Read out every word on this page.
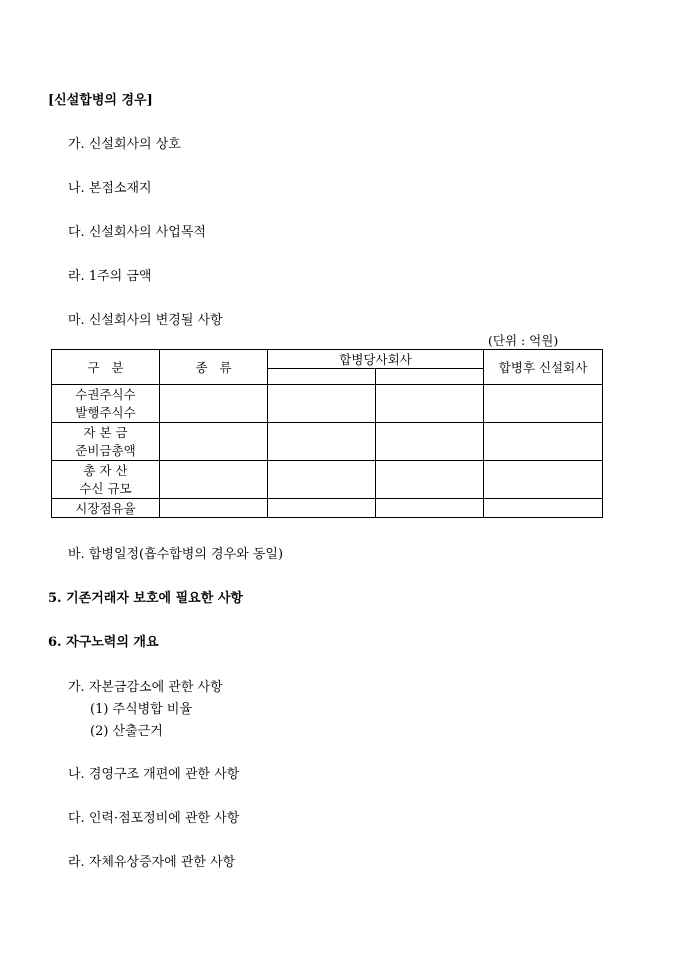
[신설합병의 경우]
가. 신설회사의 상호
나. 본점소재지
다. 신설회사의 사업목적
라. 1주의 금액
마. 신설회사의 변경될 사항
(단위 : 억원)
구   분	종   류	합병당사회사		합병후 신설회사

수권주식수
발행주식수				

자 본 금
준비금총액				

총 자 산
수신 규모				

시장점유율				
바. 합병일정(흡수합병의 경우와 동일)
5. 기존거래자 보호에 필요한 사항
6. 자구노력의 개요
가. 자본금감소에 관한 사항
(1) 주식병합 비율
(2) 산출근거
나. 경영구조 개편에 관한 사항
다. 인력·점포정비에 관한 사항
라. 자체유상증자에 관한 사항
